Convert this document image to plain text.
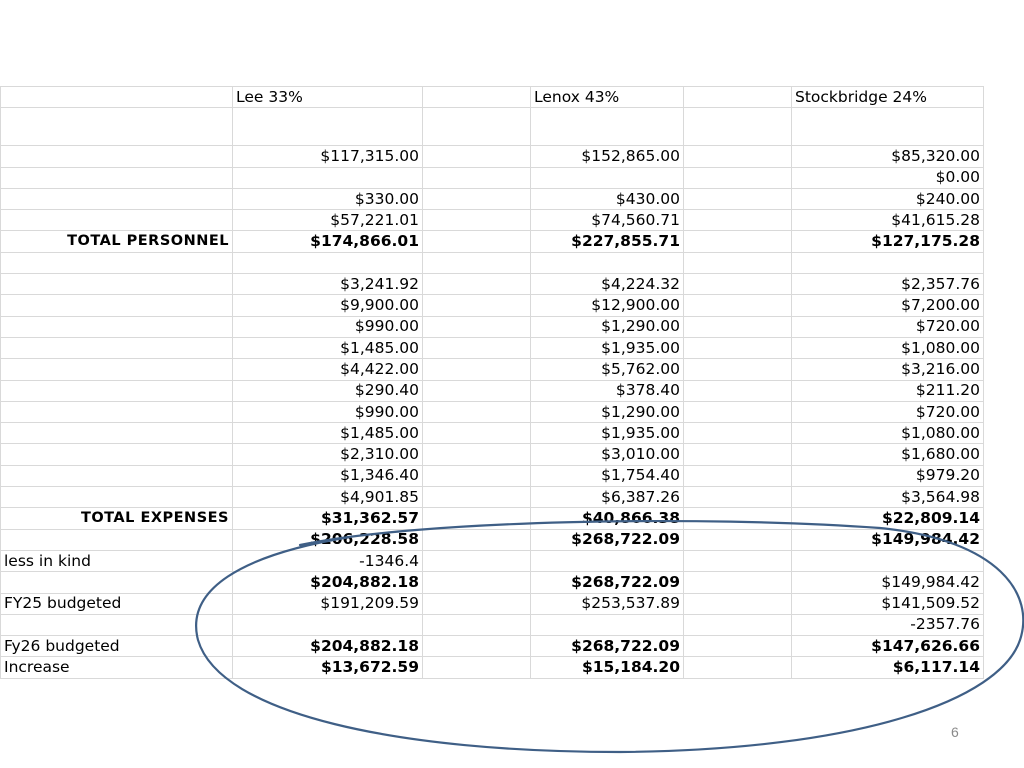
	Lee 33%		Lenox 43%		Stockbridge 24%

	$117,315.00		$152,865.00		$85,320.00
					$0.00
	$330.00		$430.00		$240.00
	$57,221.01		$74,560.71		$41,615.28
TOTAL PERSONNEL	$174,866.01		$227,855.71		$127,175.28

	$3,241.92		$4,224.32		$2,357.76
	$9,900.00		$12,900.00		$7,200.00
	$990.00		$1,290.00		$720.00
	$1,485.00		$1,935.00		$1,080.00
	$4,422.00		$5,762.00		$3,216.00
	$290.40		$378.40		$211.20
	$990.00		$1,290.00		$720.00
	$1,485.00		$1,935.00		$1,080.00
	$2,310.00		$3,010.00		$1,680.00
	$1,346.40		$1,754.40		$979.20
	$4,901.85		$6,387.26		$3,564.98
TOTAL EXPENSES	$31,362.57		$40,866.38		$22,809.14
	$206,228.58		$268,722.09		$149,984.42
less in kind	-1346.4				
	$204,882.18		$268,722.09		$149,984.42
FY25 budgeted	$191,209.59		$253,537.89		$141,509.52
					-2357.76
Fy26 budgeted	$204,882.18		$268,722.09		$147,626.66
Increase	$13,672.59		$15,184.20		$6,117.14
6
